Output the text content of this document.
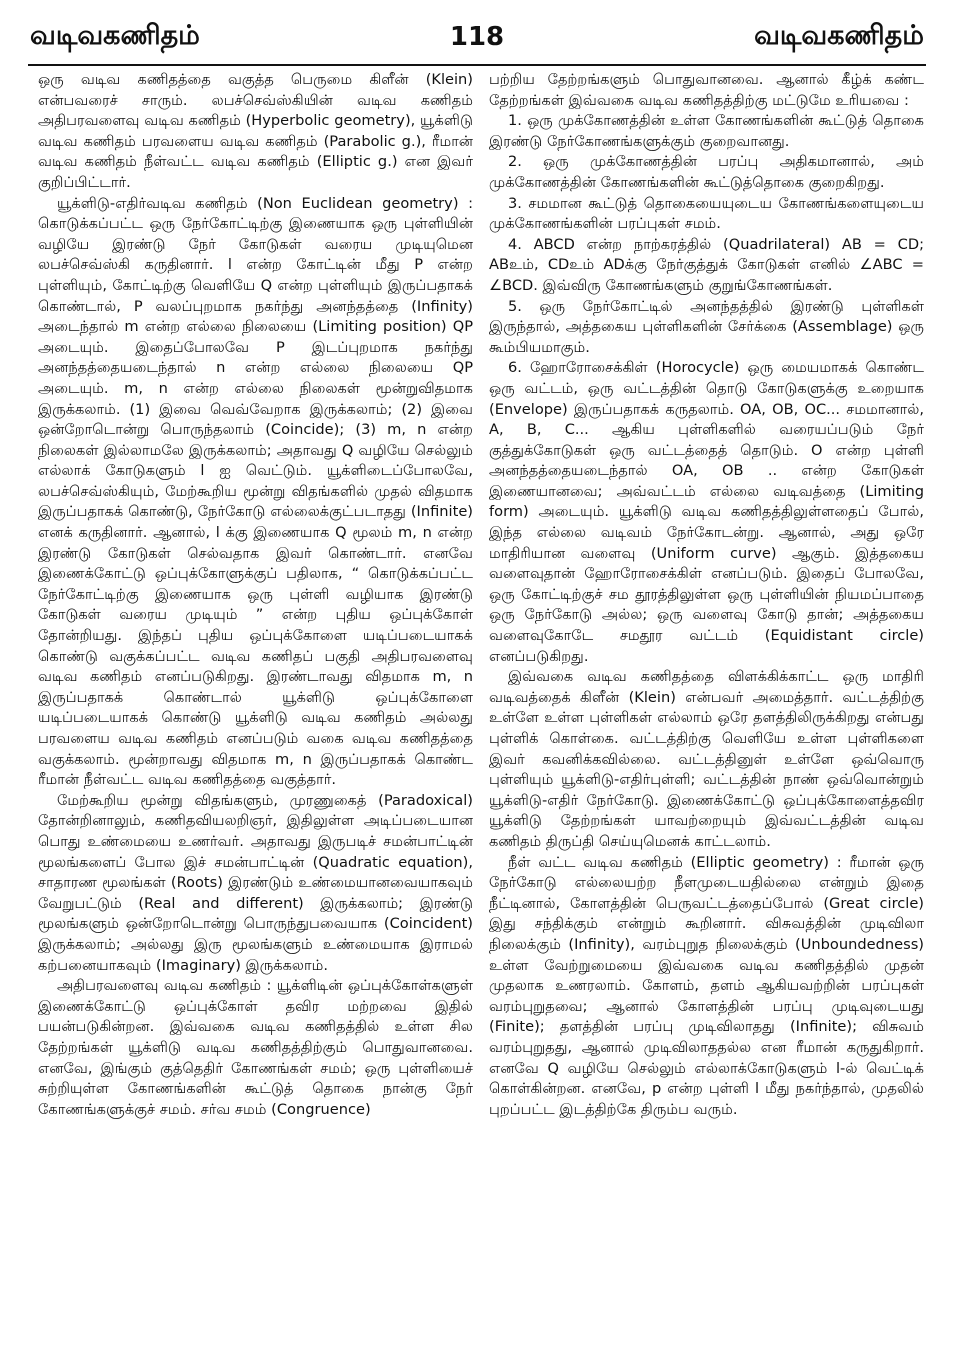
வடிவகணிதம்	118	வடிவகணிதம்

ஒரு வடிவ கணிதத்தை வகுத்த பெருமை கிளீன் (Klein) என்பவரைச் சாரும். லபச்செவ்ஸ்கியின் வடிவ கணிதம் அதிபரவளைவு வடிவ கணிதம் (Hyperbolic geometry), யூக்ளிடு வடிவ கணிதம் பரவளைய வடிவ கணிதம் (Parabolic g.), ரீமான் வடிவ கணிதம் நீள்வட்ட வடிவ கணிதம் (Elliptic g.) என இவர் குறிப்பிட்டார்.

யூக்ளிடு-எதிர்வடிவ கணிதம் (Non Euclidean geometry) : கொடுக்கப்பட்ட ஒரு நேர்கோட்டிற்கு இணையாக ஒரு புள்ளியின் வழியே இரண்டு நேர் கோடுகள் வரைய முடியுமென லபச்செவ்ஸ்கி கருதினார். l என்ற கோட்டின் மீது P என்ற புள்ளியும், கோட்டிற்கு வெளியே Q என்ற புள்ளியும் இருப்பதாகக் கொண்டால், P வலப்புறமாக நகர்ந்து அனந்தத்தை (Infinity) அடைந்தால் m என்ற எல்லை நிலையை (Limiting position) QP அடையும். இதைப்போலவே P இடப்புறமாக நகர்ந்து அனந்தத்தையடைந்தால் n என்ற எல்லை நிலையை QP அடையும். m, n என்ற எல்லை நிலைகள் மூன்றுவிதமாக இருக்கலாம். (1) இவை வெவ்வேறாக இருக்கலாம்; (2) இவை ஒன்றோடொன்று பொருந்தலாம் (Coincide); (3) m, n என்ற நிலைகள் இல்லாமலே இருக்கலாம்; அதாவது Q வழியே செல்லும் எல்லாக் கோடுகளும் l ஐ வெட்டும். யூக்ளிடைப்போலவே, லபச்செவ்ஸ்கியும், மேற்கூறிய மூன்று விதங்களில் முதல் விதமாக இருப்பதாகக் கொண்டு, நேர்கோடு எல்லைக்குட்படாதது (Infinite) எனக் கருதினார். ஆனால், l க்கு இணையாக Q மூலம் m, n என்ற இரண்டு கோடுகள் செல்வதாக இவர் கொண்டார். எனவே இணைக்கோட்டு ஒப்புக்கோளுக்குப் பதிலாக, “ கொடுக்கப்பட்ட நேர்கோட்டிற்கு இணையாக ஒரு புள்ளி வழியாக இரண்டு கோடுகள் வரைய முடியும் ” என்ற புதிய ஒப்புக்கோள் தோன்றியது. இந்தப் புதிய ஒப்புக்கோளை யடிப்படையாகக் கொண்டு வகுக்கப்பட்ட வடிவ கணிதப் பகுதி அதிபரவளைவு வடிவ கணிதம் எனப்படுகிறது. இரண்டாவது விதமாக m, n இருப்பதாகக் கொண்டால் யூக்ளிடு ஒப்புக்கோளை யடிப்படையாகக் கொண்டு யூக்ளிடு வடிவ கணிதம் அல்லது பரவளைய வடிவ கணிதம் எனப்படும் வகை வடிவ கணிதத்தை வகுக்கலாம். மூன்றாவது விதமாக m, n இருப்பதாகக் கொண்ட ரீமான் நீள்வட்ட வடிவ கணிதத்தை வகுத்தார்.

மேற்கூறிய மூன்று விதங்களும், முரணுகைத் (Paradoxical) தோன்றினாலும், கணிதவியலறிஞர், இதிலுள்ள அடிப்படையான பொது உண்மையை உணர்வர். அதாவது இருபடிச் சமன்பாட்டின் மூலங்களைப் போல இச் சமன்பாட்டின் (Quadratic equation), சாதாரண மூலங்கள் (Roots) இரண்டும் உண்மையானவையாகவும் வேறுபட்டும் (Real and different) இருக்கலாம்; இரண்டு மூலங்களும் ஒன்றோடொன்று பொருந்துபவையாக (Coincident) இருக்கலாம்; அல்லது இரு மூலங்களும் உண்மையாக இராமல் கற்பனையாகவும் (Imaginary) இருக்கலாம்.

அதிபரவளைவு வடிவ கணிதம் : யூக்ளிடின் ஒப்புக்கோள்களுள் இணைக்கோட்டு ஒப்புக்கோள் தவிர மற்றவை இதில் பயன்படுகின்றன. இவ்வகை வடிவ கணிதத்தில் உள்ள சில தேற்றங்கள் யூக்ளிடு வடிவ கணிதத்திற்கும் பொதுவானவை. எனவே, இங்கும் குத்தெதிர் கோணங்கள் சமம்; ஒரு புள்ளியைச் சுற்றியுள்ள கோணங்களின் கூட்டுத் தொகை நான்கு நேர் கோணங்களுக்குச் சமம். சர்வ சமம் (Congruence)

பற்றிய தேற்றங்களும் பொதுவானவை. ஆனால் கீழ்க் கண்ட தேற்றங்கள் இவ்வகை வடிவ கணிதத்திற்கு மட்டுமே உரியவை :

1. ஒரு முக்கோணத்தின் உள்ள கோணங்களின் கூட்டுத் தொகை இரண்டு நேர்கோணங்களுக்கும் குறைவானது.

2. ஒரு முக்கோணத்தின் பரப்பு அதிகமானால், அம் முக்கோணத்தின் கோணங்களின் கூட்டுத்தொகை குறைகிறது.

3. சமமான கூட்டுத் தொகையையுடைய கோணங்களையுடைய முக்கோணங்களின் பரப்புகள் சமம்.

4. ABCD என்ற நாற்கரத்தில் (Quadrilateral) AB = CD; ABஉம், CDஉம் ADக்கு நேர்குத்துக் கோடுகள் எனில் ∠ABC = ∠BCD. இவ்விரு கோணங்களும் குறுங்கோணங்கள்.

5. ஒரு நேர்கோட்டில் அனந்தத்தில் இரண்டு புள்ளிகள் இருந்தால், அத்தகைய புள்ளிகளின் சேர்க்கை (Assemblage) ஒரு கூம்பியமாகும்.

6. ஹோரோசைக்கிள் (Horocycle) ஒரு மையமாகக் கொண்ட ஒரு வட்டம், ஒரு வட்டத்தின் தொடு கோடுகளுக்கு உறையாக (Envelope) இருப்பதாகக் கருதலாம். OA, OB, OC... சமமானால், A, B, C... ஆகிய புள்ளிகளில் வரையப்படும் நேர் குத்துக்கோடுகள் ஒரு வட்டத்தைத் தொடும். O என்ற புள்ளி அனந்தத்தையடைந்தால் OA, OB .. என்ற கோடுகள் இணையானவை; அவ்வட்டம் எல்லை வடிவத்தை (Limiting form) அடையும். யூக்ளிடு வடிவ கணிதத்திலுள்ளதைப் போல், இந்த எல்லை வடிவம் நேர்கோடன்று. ஆனால், அது ஒரே மாதிரியான வளைவு (Uniform curve) ஆகும். இத்தகைய வளைவுதான் ஹோரோசைக்கிள் எனப்படும். இதைப் போலவே, ஒரு கோட்டிற்குச் சம தூரத்திலுள்ள ஒரு புள்ளியின் நியமப்பாதை ஒரு நேர்கோடு அல்ல; ஒரு வளைவு கோடு தான்; அத்தகைய வளைவுகோடே சமதூர வட்டம் (Equidistant circle) எனப்படுகிறது.

இவ்வகை வடிவ கணிதத்தை விளக்கிக்காட்ட ஒரு மாதிரி வடிவத்தைக் கிளீன் (Klein) என்பவர் அமைத்தார். வட்டத்திற்கு உள்ளே உள்ள புள்ளிகள் எல்லாம் ஒரே தளத்திலிருக்கிறது என்பது புள்ளிக் கொள்கை. வட்டத்திற்கு வெளியே உள்ள புள்ளிகளை இவர் கவனிக்கவில்லை. வட்டத்தினுள் உள்ளே ஒவ்வொரு புள்ளியும் யூக்ளிடு-எதிர்புள்ளி; வட்டத்தின் நாண் ஒவ்வொன்றும் யூக்ளிடு-எதிர் நேர்கோடு. இணைக்கோட்டு ஒப்புக்கோளைத்தவிர யூக்ளிடு தேற்றங்கள் யாவற்றையும் இவ்வட்டத்தின் வடிவ கணிதம் திருப்தி செய்யுமெனக் காட்டலாம்.

நீள் வட்ட வடிவ கணிதம் (Elliptic geometry) : ரீமான் ஒரு நேர்கோடு எல்லையற்ற நீளமுடையதில்லை என்றும் இதை நீட்டினால், கோளத்தின் பெருவட்டத்தைப்போல் (Great circle) இது சந்திக்கும் என்றும் கூறினார். விசுவத்தின் முடிவிலா நிலைக்கும் (Infinity), வரம்புறுத நிலைக்கும் (Unboundedness) உள்ள வேற்றுமையை இவ்வகை வடிவ கணிதத்தில் முதன் முதலாக உணரலாம். கோளம், தளம் ஆகியவற்றின் பரப்புகள் வரம்புறுதவை; ஆனால் கோளத்தின் பரப்பு முடிவுடையது (Finite); தளத்தின் பரப்பு முடிவிலாதது (Infinite); விசுவம் வரம்புறுதது, ஆனால் முடிவிலாததல்ல என ரீமான் கருதுகிறார். எனவே Q வழியே செல்லும் எல்லாக்கோடுகளும் l-ல் வெட்டிக் கொள்கின்றன. எனவே, p என்ற புள்ளி l மீது நகர்ந்தால், முதலில் புறப்பட்ட இடத்திற்கே திரும்ப வரும்.
